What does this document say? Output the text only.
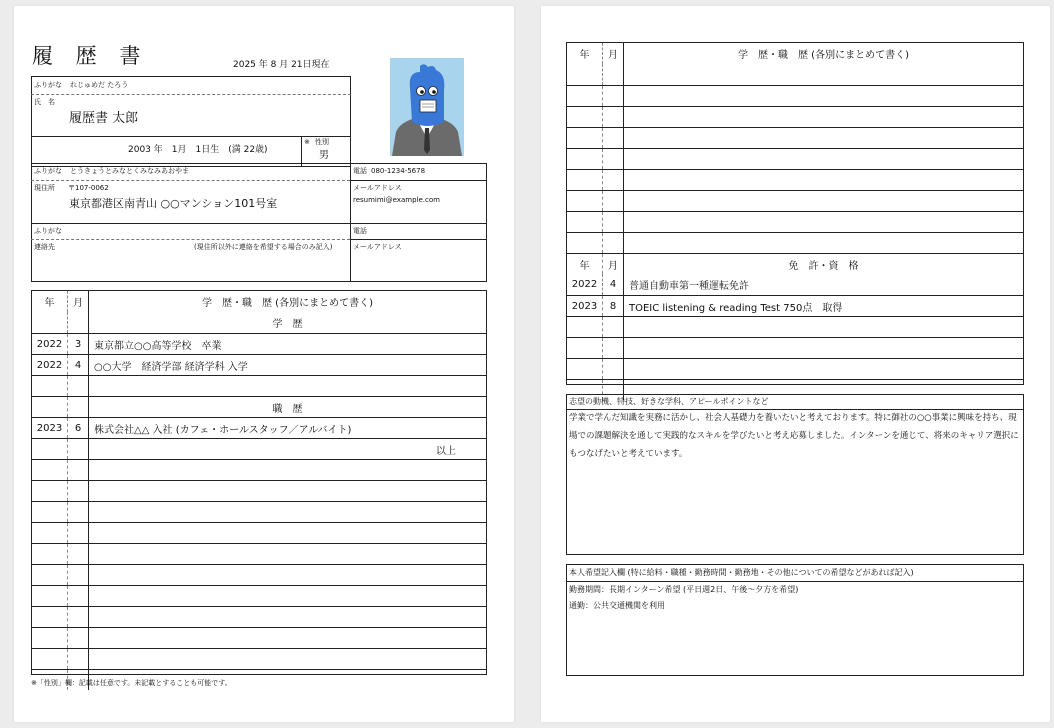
履 歴 書	2025 年 8 月 21日現在
ふりがな れじゅめだ たろう
氏　名
履歴書 太郎
2003 年　1月　1日生　(満 22歳)
※ 性別
男
ふりがな とうきょうとみなとくみなみあおやま	電話 080-1234-5678
現住所 〒107-0062
東京都港区南青山 ○○マンション101号室
メールアドレス
resumimi@example.com
ふりがな	電話
連絡先	(現住所以外に連絡を希望する場合のみ記入)	メールアドレス
年	月	学　歴・職　歴 (各別にまとめて書く)
学　歴
2022	3	東京都立○○高等学校　卒業
2022	4	○○大学　経済学部 経済学科 入学
職　歴
2023	6	株式会社△△ 入社 (カフェ・ホールスタッフ／アルバイト)
以上
※「性別」欄：記載は任意です。未記載とすることも可能です。
年	月	学　歴・職　歴 (各別にまとめて書く)
年	月	免　許・資　格
2022	4	普通自動車第一種運転免許
2023	8	TOEIC listening & reading Test 750点　取得
志望の動機、特技、好きな学科、アピールポイントなど
学業で学んだ知識を実務に活かし、社会人基礎力を養いたいと考えております。特に御社の○○事業に興味を持ち、現場での課題解決を通して実践的なスキルを学びたいと考え応募しました。インターンを通じて、将来のキャリア選択にもつなげたいと考えています。
本人希望記入欄 (特に給料・職種・勤務時間・勤務地・その他についての希望などがあれば記入)
勤務期間：長期インターン希望 (平日週2日、午後〜夕方を希望)
通勤：公共交通機関を利用
